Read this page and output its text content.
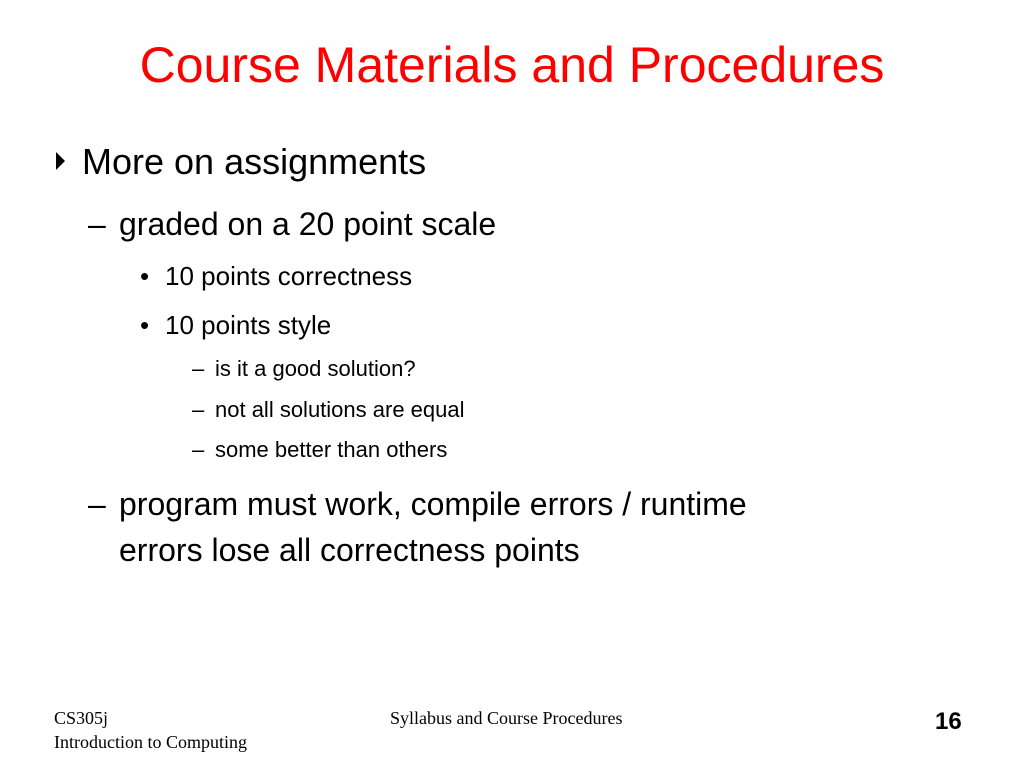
Course Materials and Procedures
More on assignments
– graded on a 20 point scale
• 10 points correctness
• 10 points style
– is it a good solution?
– not all solutions are equal
– some better than others
– program must work, compile errors / runtime
errors lose all correctness points
CS305j
Introduction to Computing
Syllabus and Course Procedures	16
